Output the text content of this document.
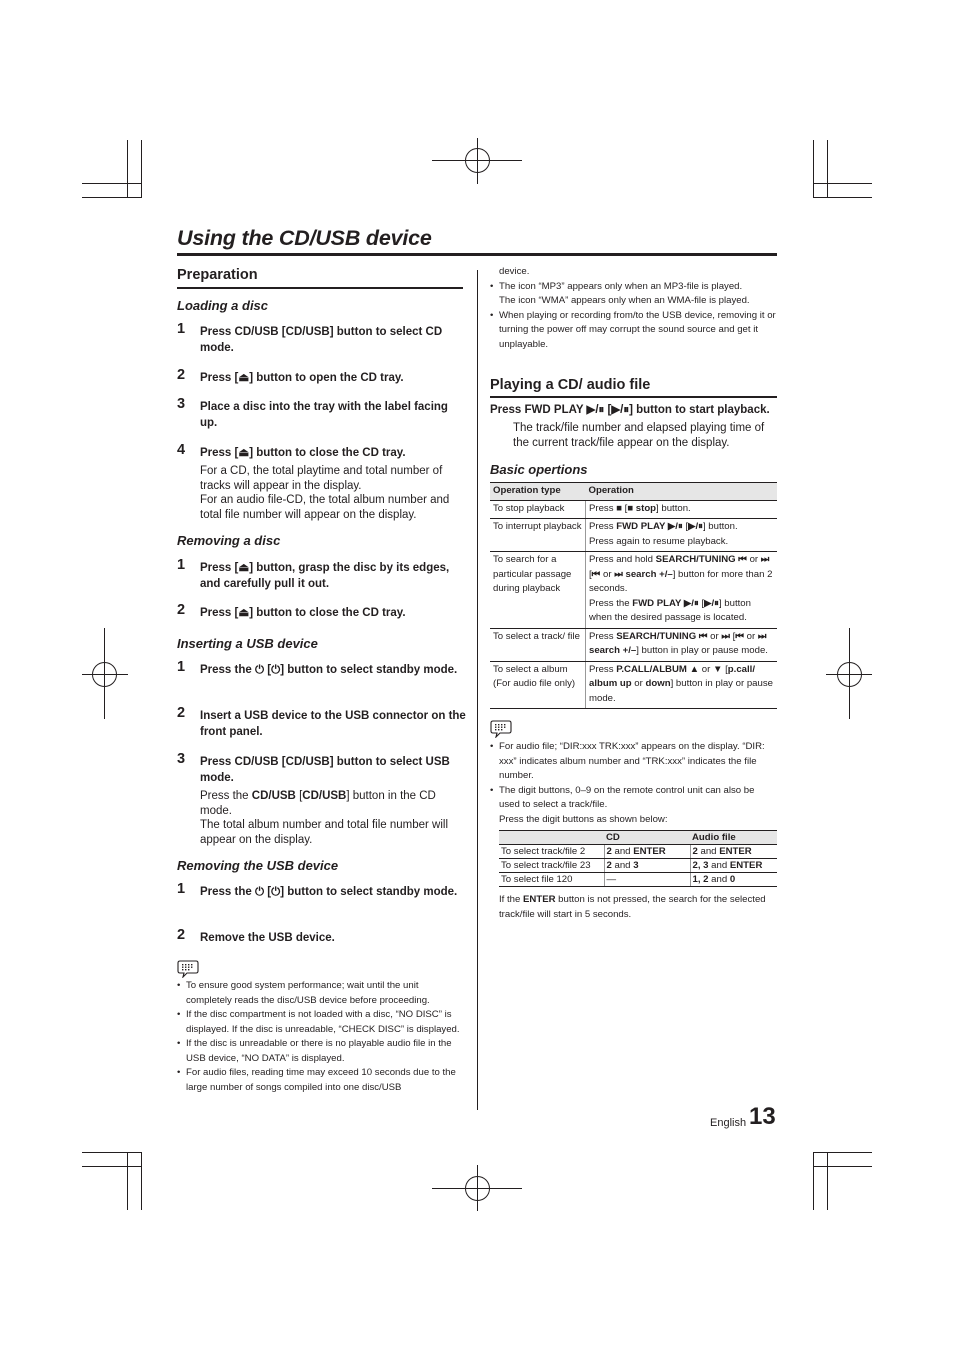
Using the CD/USB device
Preparation
Loading a disc
1 Press CD/USB [CD/USB] button to select CD mode.
2 Press [⏏] button to open the CD tray.
3 Place a disc into the tray with the label facing up.
4 Press [⏏] button to close the CD tray.
For a CD, the total playtime and total number of tracks will appear in the display.
For an audio file-CD, the total album number and total file number will appear on the display.
Removing a disc
1 Press [⏏] button, grasp the disc by its edges, and carefully pull it out.
2 Press [⏏] button to close the CD tray.
Inserting a USB device
1 Press the ⏻ [⏻] button to select standby mode.
2 Insert a USB device to the USB connector on the front panel.
3 Press CD/USB [CD/USB] button to select USB mode.
Press the CD/USB [CD/USB] button in the CD mode.
The total album number and total file number will appear on the display.
Removing the USB device
1 Press the ⏻ [⏻] button to select standby mode.
2 Remove the USB device.
• To ensure good system performance; wait until the unit completely reads the disc/USB device before proceeding.
• If the disc compartment is not loaded with a disc, “NO DISC” is displayed. If the disc is unreadable, “CHECK DISC” is displayed.
• If the disc is unreadable or there is no playable audio file in the USB device, “NO DATA” is displayed.
• For audio files, reading time may exceed 10 seconds due to the large number of songs compiled into one disc/USB
device.
• The icon “MP3” appears only when an MP3-file is played.
The icon “WMA” appears only when an WMA-file is played.
• When playing or recording from/to the USB device, removing it or turning the power off may corrupt the sound source and get it unplayable.
Playing a CD/ audio file
Press FWD PLAY ▶/⏸ [▶/⏸] button to start playback.
The track/file number and elapsed playing time of the current track/file appear on the display.
Basic opertions
Operation type	Operation
To stop playback	Press ■ [■ stop] button.
To interrupt playback	Press FWD PLAY ▶/⏸ [▶/⏸] button.
Press again to resume playback.
To search for a particular passage during playback	Press and hold SEARCH/TUNING ⏮ or ⏭ [⏮ or ⏭ search +/–] button for more than 2 seconds.
Press the FWD PLAY ▶/⏸ [▶/⏸] button when the desired passage is located.
To select a track/ file	Press SEARCH/TUNING ⏮ or ⏭ [⏮ or ⏭ search +/–] button in play or pause mode.
To select a album (For audio file only)	Press P.CALL/ALBUM ▲ or ▼ [p.call/ album up or down] button in play or pause mode.
• For audio file; “DIR:xxx TRK:xxx” appears on the display. “DIR: xxx” indicates album number and “TRK:xxx” indicates the file number.
• The digit buttons, 0–9 on the remote control unit can also be used to select a track/file.
Press the digit buttons as shown below:
	CD	Audio file
To select track/file 2	2 and ENTER	2 and ENTER
To select track/file 23	2 and 3	2, 3 and ENTER
To select file 120	—	1, 2 and 0
If the ENTER button is not pressed, the search for the selected track/file will start in 5 seconds.
English 13
